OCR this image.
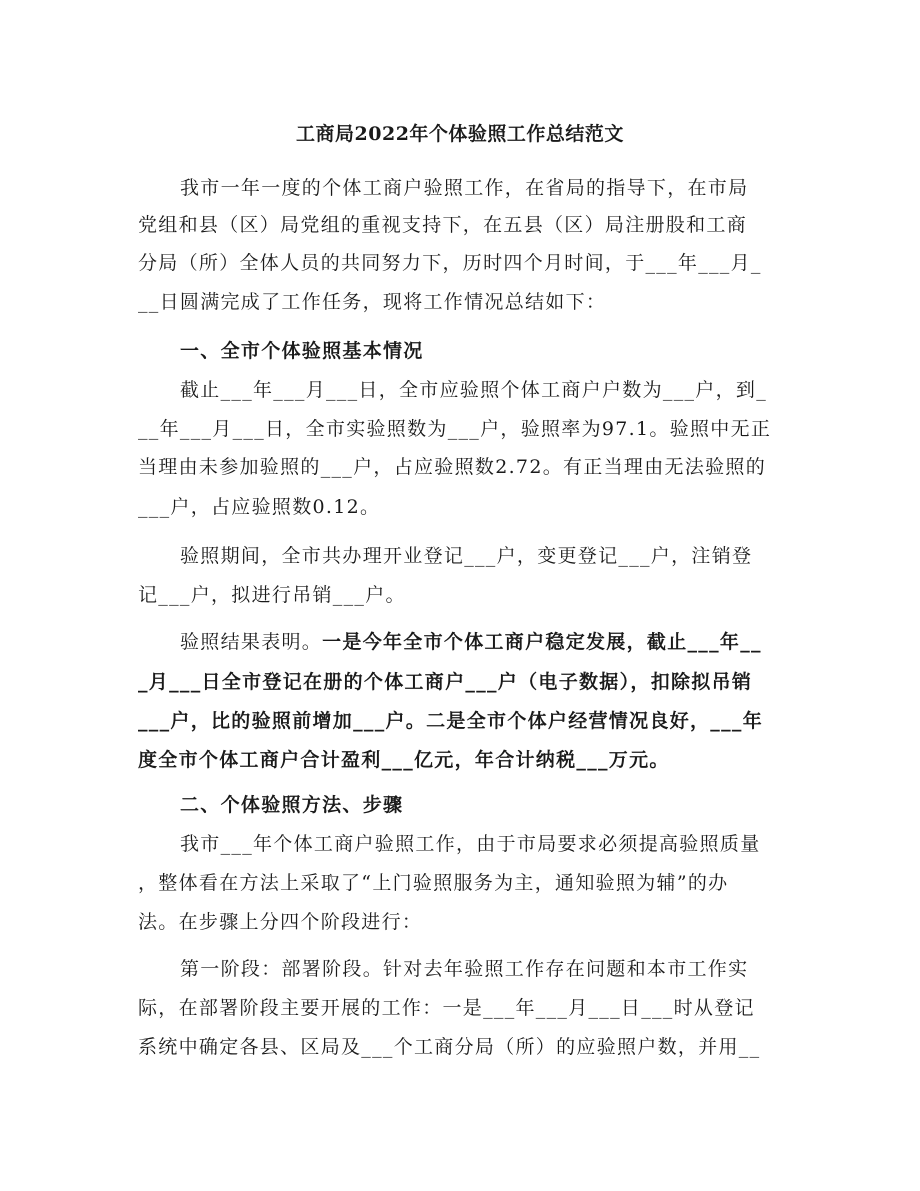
工商局2022年个体验照工作总结范文
我市一年一度的个体工商户验照工作，在省局的指导下，在市局
党组和县（区）局党组的重视支持下，在五县（区）局注册股和工商
分局（所）全体人员的共同努力下，历时四个月时间，于___年___月_
__日圆满完成了工作任务，现将工作情况总结如下：
一、全市个体验照基本情况
截止___年___月___日，全市应验照个体工商户户数为___户，到_
__年___月___日，全市实验照数为___户，验照率为97.1。验照中无正
当理由未参加验照的___户，占应验照数2.72。有正当理由无法验照的
___户，占应验照数0.12。
验照期间，全市共办理开业登记___户，变更登记___户，注销登
记___户，拟进行吊销___户。
验照结果表明。一是今年全市个体工商户稳定发展，截止___年__
_月___日全市登记在册的个体工商户___户（电子数据），扣除拟吊销
___户，比的验照前增加___户。二是全市个体户经营情况良好，___年
度全市个体工商户合计盈利___亿元，年合计纳税___万元。
二、个体验照方法、步骤
我市___年个体工商户验照工作，由于市局要求必须提高验照质量
，整体看在方法上采取了“上门验照服务为主，通知验照为辅”的办
法。在步骤上分四个阶段进行：
第一阶段：部署阶段。针对去年验照工作存在问题和本市工作实
际，在部署阶段主要开展的工作：一是___年___月___日___时从登记
系统中确定各县、区局及___个工商分局（所）的应验照户数，并用__
